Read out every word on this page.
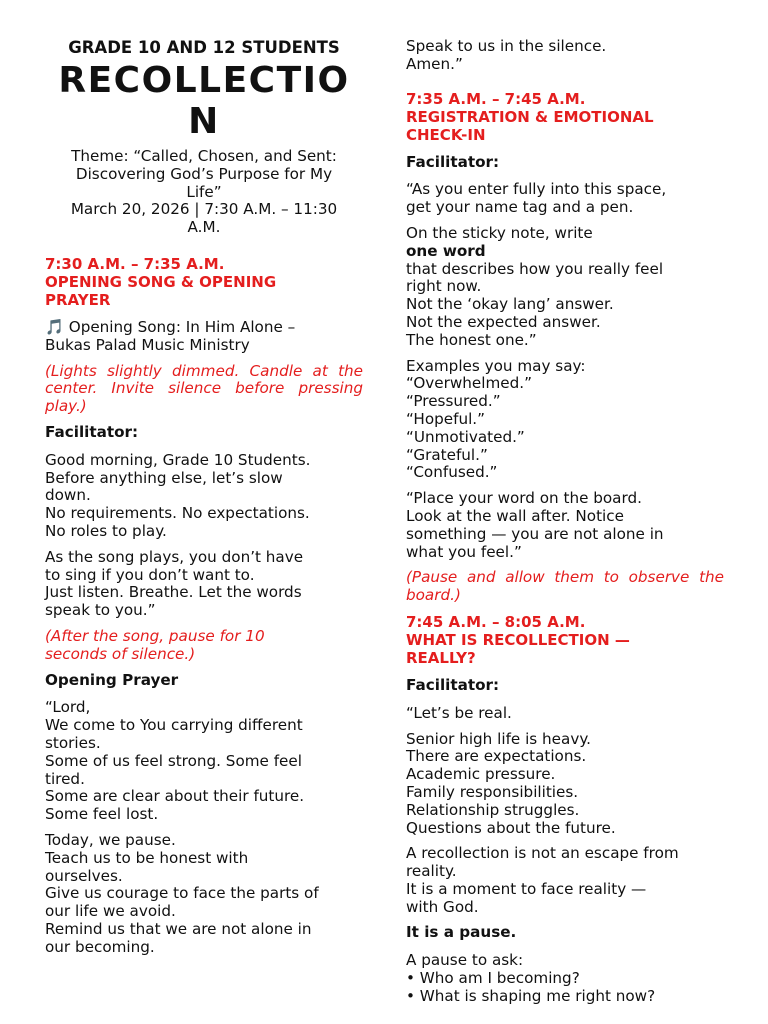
GRADE 10 AND 12 STUDENTS
RECOLLECTIO
N
Theme: “Called, Chosen, and Sent:
Discovering God’s Purpose for My
Life”
March 20, 2026 | 7:30 A.M. – 11:30
A.M.
7:30 A.M. – 7:35 A.M.
OPENING SONG & OPENING
PRAYER

🎵 Opening Song: In Him Alone –
Bukas Palad Music Ministry

(Lights slightly dimmed. Candle at the center. Invite silence before pressing play.)

Facilitator:

Good morning, Grade 10 Students.
Before anything else, let’s slow
down.
No requirements. No expectations.
No roles to play.

As the song plays, you don’t have
to sing if you don’t want to.
Just listen. Breathe. Let the words
speak to you.”

(After the song, pause for 10
seconds of silence.)

Opening Prayer

“Lord,
We come to You carrying different
stories.
Some of us feel strong. Some feel
tired.
Some are clear about their future.
Some feel lost.

Today, we pause.
Teach us to be honest with
ourselves.
Give us courage to face the parts of
our life we avoid.
Remind us that we are not alone in
our becoming.

Speak to us in the silence.
Amen.”

7:35 A.M. – 7:45 A.M.
REGISTRATION & EMOTIONAL
CHECK-IN

Facilitator:

“As you enter fully into this space,
get your name tag and a pen.

On the sticky note, write
one word
that describes how you really feel
right now.
Not the ‘okay lang’ answer.
Not the expected answer.
The honest one.”

Examples you may say:
“Overwhelmed.”
“Pressured.”
“Hopeful.”
“Unmotivated.”
“Grateful.”
“Confused.”

“Place your word on the board.
Look at the wall after. Notice
something — you are not alone in
what you feel.”

(Pause and allow them to observe the board.)

7:45 A.M. – 8:05 A.M.
WHAT IS RECOLLECTION —
REALLY?

Facilitator:

“Let’s be real.

Senior high life is heavy.
There are expectations.
Academic pressure.
Family responsibilities.
Relationship struggles.
Questions about the future.

A recollection is not an escape from
reality.
It is a moment to face reality —
with God.

It is a pause.

A pause to ask:
• Who am I becoming?
• What is shaping me right now?
